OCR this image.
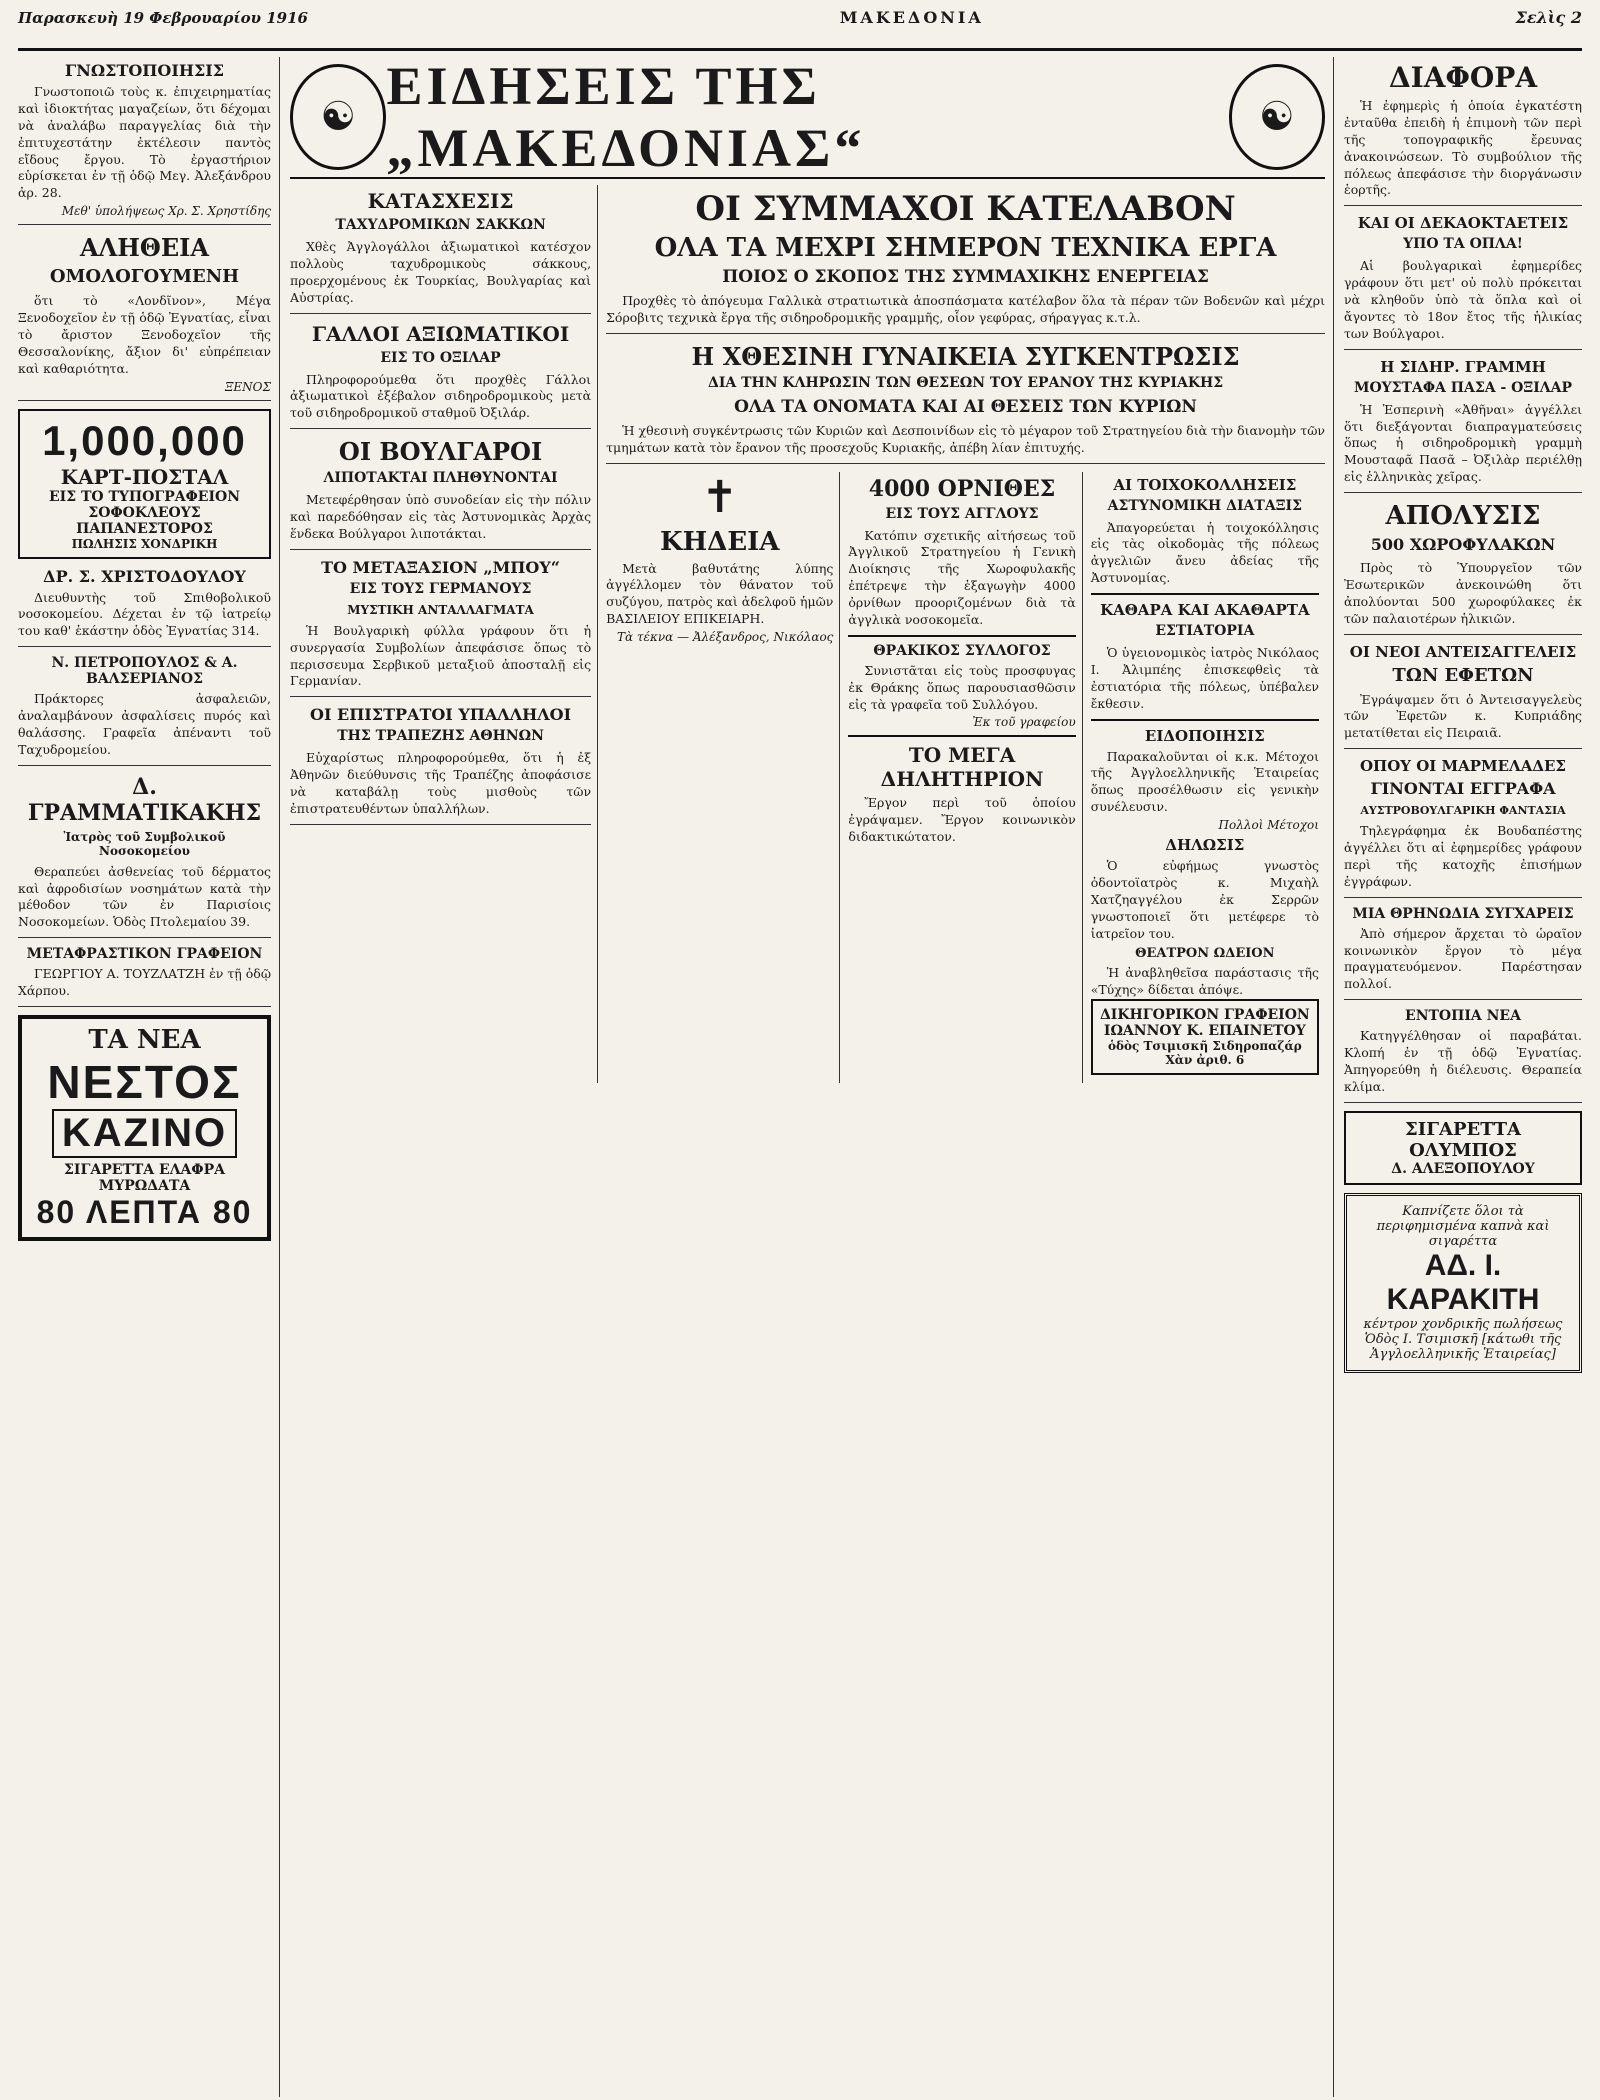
Παρασκευὴ 19 Φεβρουαρίου 1916	ΜΑΚΕΔΟΝΙΑ	Σελὶς 2
ΓΝΩΣΤΟΠΟΙΗΣΙΣ

Γνωστοποιῶ τοὺς κ. ἐπιχειρηματίας καὶ ἰδιοκτήτας μαγαζείων, ὅτι δέχομαι νὰ ἀναλάβω παραγγελίας διὰ τὴν ἐπιτυχεστάτην ἐκτέλεσιν παντὸς εἴδους ἔργου. Τὸ ἐργαστήριον εὑρίσκεται ἐν τῇ ὁδῷ Μεγ. Ἀλεξάνδρου ἀρ. 28.

Μεθ' ὑπολήψεως Χρ. Σ. Χρηστίδης

ΑΛΗΘΕΙΑ
ΟΜΟΛΟΓΟΥΜΕΝΗ

ὅτι τὸ «Λονδῖνον», Μέγα Ξενοδοχεῖον ἐν τῇ ὁδῷ Ἐγνατίας, εἶναι τὸ ἄριστον Ξενοδοχεῖον τῆς Θεσσαλονίκης, ἄξιον δι' εὐπρέπειαν καὶ καθαριότητα.

ΞΕΝΟΣ

1,000,000
ΚΑΡΤ-ΠΟΣΤΑΛ
ΕΙΣ ΤΟ ΤΥΠΟΓΡΑΦΕΙΟΝ ΣΟΦΟΚΛΕΟΥΣ ΠΑΠΑΝΕΣΤΟΡΟΣ
ΠΩΛΗΣΙΣ ΧΟΝΔΡΙΚΗ
ΔΡ. Σ. ΧΡΙΣΤΟΔΟΥΛΟΥ

Διευθυντὴς τοῦ Σπιθοβολικοῦ νοσοκομείου. Δέχεται ἐν τῷ ἰατρείῳ του καθ' ἑκάστην ὁδὸς Ἐγνατίας 314.

Ν. ΠΕΤΡΟΠΟΥΛΟΣ & Α. ΒΑΛΣΕΡΙΑΝΟΣ

Πράκτορες ἀσφαλειῶν, ἀναλαμβάνουν ἀσφαλίσεις πυρός καὶ θαλάσσης. Γραφεῖα ἀπέναντι τοῦ Ταχυδρομείου.

Δ. ΓΡΑΜΜΑΤΙΚΑΚΗΣ
Ἰατρὸς τοῦ Συμβολικοῦ Νοσοκομείου

Θεραπεύει ἀσθενείας τοῦ δέρματος καὶ ἀφροδισίων νοσημάτων κατὰ τὴν μέθοδον τῶν ἐν Παρισίοις Νοσοκομείων. Ὁδὸς Πτολεμαίου 39.

ΜΕΤΑΦΡΑΣΤΙΚΟΝ ΓΡΑΦΕΙΟΝ

ΓΕΩΡΓΙΟΥ Α. ΤΟΥΖΛΑΤΖΗ ἐν τῇ ὁδῷ Χάρπου.

ΤΑ ΝΕΑ
ΝΕΣΤΟΣ
ΚΑΖΙΝΟ
ΣΙΓΑΡΕΤΤΑ ΕΛΑΦΡΑ ΜΥΡΩΔΑΤΑ
80 ΛΕΠΤΑ 80
☯
ΕΙΔΗΣΕΙΣ ΤΗΣ „ΜΑΚΕΔΟΝΙΑΣ“
☯
ΚΑΤΑΣΧΕΣΙΣ
ΤΑΧΥΔΡΟΜΙΚΩΝ ΣΑΚΚΩΝ

Χθὲς Ἀγγλογάλλοι ἀξιωματικοὶ κατέσχον πολλοὺς ταχυδρομικοὺς σάκκους, προερχομένους ἐκ Τουρκίας, Βουλγαρίας καὶ Αὐστρίας.

ΓΑΛΛΟΙ ΑΞΙΩΜΑΤΙΚΟΙ
ΕΙΣ ΤΟ ΟΞΙΛΑΡ

Πληροφορούμεθα ὅτι προχθὲς Γάλλοι ἀξιωματικοὶ ἐξέβαλον σιδηροδρομικοὺς μετὰ τοῦ σιδηροδρομικοῦ σταθμοῦ Ὀξιλάρ.

ΟΙ ΒΟΥΛΓΑΡΟΙ
ΛΙΠΟΤΑΚΤΑΙ ΠΛΗΘΥΝΟΝΤΑΙ

Μετεφέρθησαν ὑπὸ συνοδείαν εἰς τὴν πόλιν καὶ παρεδόθησαν εἰς τὰς Ἀστυνομικὰς Ἀρχὰς ἕνδεκα Βούλγαροι λιποτάκται.

ΤΟ ΜΕΤΑΞΑΣΙΟΝ „ΜΠΟΥ“
ΕΙΣ ΤΟΥΣ ΓΕΡΜΑΝΟΥΣ
ΜΥΣΤΙΚΗ ΑΝΤΑΛΛΑΓΜΑΤΑ

Ἡ Βουλγαρικὴ φύλλα γράφουν ὅτι ἡ συνεργασία Συμβολίων ἀπεφάσισε ὅπως τὸ περισσευμα Σερβικοῦ μεταξιοῦ ἀποσταλῇ εἰς Γερμανίαν.

ΟΙ ΕΠΙΣΤΡΑΤΟΙ ΥΠΑΛΛΗΛΟΙ
ΤΗΣ ΤΡΑΠΕΖΗΣ ΑΘΗΝΩΝ

Εὐχαρίστως πληροφορούμεθα, ὅτι ἡ ἐξ Ἀθηνῶν διεύθυνσις τῆς Τραπέζης ἀποφάσισε νὰ καταβάλῃ τοὺς μισθοὺς τῶν ἐπιστρατευθέντων ὑπαλλήλων.

ΟΙ ΣΥΜΜΑΧΟΙ ΚΑΤΕΛΑΒΟΝ
ΟΛΑ ΤΑ ΜΕΧΡΙ ΣΗΜΕΡΟΝ ΤΕΧΝΙΚΑ ΕΡΓΑ
ΠΟΙΟΣ Ο ΣΚΟΠΟΣ ΤΗΣ ΣΥΜΜΑΧΙΚΗΣ ΕΝΕΡΓΕΙΑΣ

Προχθὲς τὸ ἀπόγευμα Γαλλικὰ στρατιωτικὰ ἀποσπάσματα κατέλαβον ὅλα τὰ πέραν τῶν Βοδενῶν καὶ μέχρι Σόροβιτς τεχνικὰ ἔργα τῆς σιδηροδρομικῆς γραμμῆς, οἷον γεφύρας, σήραγγας κ.τ.λ.

Η ΧΘΕΣΙΝΗ ΓΥΝΑΙΚΕΙΑ ΣΥΓΚΕΝΤΡΩΣΙΣ
ΔΙΑ ΤΗΝ ΚΛΗΡΩΣΙΝ ΤΩΝ ΘΕΣΕΩΝ ΤΟΥ ΕΡΑΝΟΥ ΤΗΣ ΚΥΡΙΑΚΗΣ
ΟΛΑ ΤΑ ΟΝΟΜΑΤΑ ΚΑΙ ΑΙ ΘΕΣΕΙΣ ΤΩΝ ΚΥΡΙΩΝ

Ἡ χθεσινὴ συγκέντρωσις τῶν Κυριῶν καὶ Δεσποινίδων εἰς τὸ μέγαρον τοῦ Στρατηγείου διὰ τὴν διανομὴν τῶν τμημάτων κατὰ τὸν ἔρανον τῆς προσεχοῦς Κυριακῆς, ἀπέβη λίαν ἐπιτυχής.

✝
ΚΗΔΕΙΑ

Μετὰ βαθυτάτης λύπης ἀγγέλλομεν τὸν θάνατον τοῦ συζύγου, πατρὸς καὶ ἀδελφοῦ ἡμῶν ΒΑΣΙΛΕΙΟΥ ΕΠΙΚΕΙΑΡΗ.

Τὰ τέκνα — Ἀλέξανδρος, Νικόλαος

4000 ΟΡΝΙΘΕΣ
ΕΙΣ ΤΟΥΣ ΑΓΓΛΟΥΣ

Κατόπιν σχετικῆς αἰτήσεως τοῦ Ἀγγλικοῦ Στρατηγείου ἡ Γενικὴ Διοίκησις τῆς Χωροφυλακῆς ἐπέτρεψε τὴν ἐξαγωγὴν 4000 ὀρνίθων προοριζομένων διὰ τὰ ἀγγλικὰ νοσοκομεῖα.

ΘΡΑΚΙΚΟΣ ΣΥΛΛΟΓΟΣ

Συνιστᾶται εἰς τοὺς προσφυγας ἐκ Θράκης ὅπως παρουσιασθῶσιν εἰς τὰ γραφεῖα τοῦ Συλλόγου.

Ἐκ τοῦ γραφείου

ΤΟ ΜΕΓΑ ΔΗΛΗΤΗΡΙΟΝ

Ἔργον περὶ τοῦ ὁποίου ἐγράψαμεν. Ἔργον κοινωνικὸν διδακτικώτατον.

ΑΙ ΤΟΙΧΟΚΟΛΛΗΣΕΙΣ
ΑΣΤΥΝΟΜΙΚΗ ΔΙΑΤΑΞΙΣ

Ἀπαγορεύεται ἡ τοιχοκόλλησις εἰς τὰς οἰκοδομὰς τῆς πόλεως ἀγγελιῶν ἄνευ ἀδείας τῆς Ἀστυνομίας.

ΚΑΘΑΡΑ ΚΑΙ ΑΚΑΘΑΡΤΑ
ΕΣΤΙΑΤΟΡΙΑ

Ὁ ὑγειονομικὸς ἰατρὸς Νικόλαος Ι. Ἀλιμπέης ἐπισκεφθεὶς τὰ ἐστιατόρια τῆς πόλεως, ὑπέβαλεν ἔκθεσιν.

ΕΙΔΟΠΟΙΗΣΙΣ

Παρακαλοῦνται οἱ κ.κ. Μέτοχοι τῆς Ἀγγλοελληνικῆς Ἑταιρείας ὅπως προσέλθωσιν εἰς γενικὴν συνέλευσιν.

Πολλοὶ Μέτοχοι

ΔΗΛΩΣΙΣ

Ὁ εὐφήμως γνωστὸς ὀδοντοϊατρὸς κ. Μιχαὴλ Χατζηαγγέλου ἐκ Σερρῶν γνωστοποιεῖ ὅτι μετέφερε τὸ ἰατρεῖον του.

ΘΕΑΤΡΟΝ ΩΔΕΙΟΝ

Ἡ ἀναβληθεῖσα παράστασις τῆς «Τύχης» δίδεται ἀπόψε.

ΔΙΚΗΓΟΡΙΚΟΝ ΓΡΑΦΕΙΟΝ
ΙΩΑΝΝΟΥ Κ. ΕΠΑΙΝΕΤΟΥ
ὁδὸς Τσιμισκῆ Σιδηροπαζάρ Χὰν ἀριθ. 6
ΔΙΑΦΟΡΑ

Ἡ ἐφημερὶς ἡ ὁποία ἐγκατέστη ἐνταῦθα ἐπειδὴ ἡ ἐπιμονὴ τῶν περὶ τῆς τοπογραφικῆς ἔρευνας ἀνακοινώσεων. Τὸ συμβούλιον τῆς πόλεως ἀπεφάσισε τὴν διοργάνωσιν ἑορτῆς.

ΚΑΙ ΟΙ ΔΕΚΑΟΚΤΑΕΤΕΙΣ
ΥΠΟ ΤΑ ΟΠΛΑ!

Αἱ βουλγαρικαὶ ἐφημερίδες γράφουν ὅτι μετ' οὐ πολὺ πρόκειται νὰ κληθοῦν ὑπὸ τὰ ὅπλα καὶ οἱ ἄγοντες τὸ 18ον ἔτος τῆς ἡλικίας των Βούλγαροι.

Η ΣΙΔΗΡ. ΓΡΑΜΜΗ
ΜΟΥΣΤΑΦΑ ΠΑΣΑ - ΟΞΙΛΑΡ

Ἡ Ἑσπερινὴ «Ἀθῆναι» ἀγγέλλει ὅτι διεξάγονται διαπραγματεύσεις ὅπως ἡ σιδηροδρομικὴ γραμμὴ Μουσταφᾶ Πασᾶ – Ὀξιλὰρ περιέλθῃ εἰς ἑλληνικὰς χεῖρας.

ΑΠΟΛΥΣΙΣ
500 ΧΩΡΟΦΥΛΑΚΩΝ

Πρὸς τὸ Ὑπουργεῖον τῶν Ἐσωτερικῶν ἀνεκοινώθη ὅτι ἀπολύονται 500 χωροφύλακες ἐκ τῶν παλαιοτέρων ἡλικιῶν.

ΟΙ ΝΕΟΙ ΑΝΤΕΙΣΑΓΓΕΛΕΙΣ
ΤΩΝ ΕΦΕΤΩΝ

Ἐγράψαμεν ὅτι ὁ Ἀντεισαγγελεὺς τῶν Ἐφετῶν κ. Κυπριάδης μετατίθεται εἰς Πειραιᾶ.

ΟΠΟΥ ΟΙ ΜΑΡΜΕΛΑΔΕΣ
ΓΙΝΟΝΤΑΙ ΕΓΓΡΑΦΑ
ΑΥΣΤΡΟΒΟΥΛΓΑΡΙΚΗ ΦΑΝΤΑΣΙΑ

Τηλεγράφημα ἐκ Βουδαπέστης ἀγγέλλει ὅτι αἱ ἐφημερίδες γράφουν περὶ τῆς κατοχῆς ἐπισήμων ἐγγράφων.

ΜΙΑ ΘΡΗΝΩΔΙΑ ΣΥΓΧΑΡΕΙΣ

Ἀπὸ σήμερον ἄρχεται τὸ ὡραῖον κοινωνικὸν ἔργον τὸ μέγα πραγματευόμενον. Παρέστησαν πολλοί.

ΕΝΤΟΠΙΑ ΝΕΑ

Κατηγγέλθησαν οἱ παραβάται. Κλοπή ἐν τῇ ὁδῷ Ἐγνατίας. Ἀπηγορεύθη ἡ διέλευσις. Θεραπεία κλίμα.

ΣΙΓΑΡΕΤΤΑ ΟΛΥΜΠΟΣ
Δ. ΑΛΕΞΟΠΟΥΛΟΥ
Καπνίζετε ὅλοι τὰ περιφημισμένα καπνὰ καὶ σιγαρέττα
ΑΔ. Ι. ΚΑΡΑΚΙΤΗ
κέντρον χονδρικῆς πωλήσεως
Ὁδὸς Ι. Τσιμισκῆ [κάτωθι τῆς Ἀγγλοελληνικῆς Ἑταιρείας]
